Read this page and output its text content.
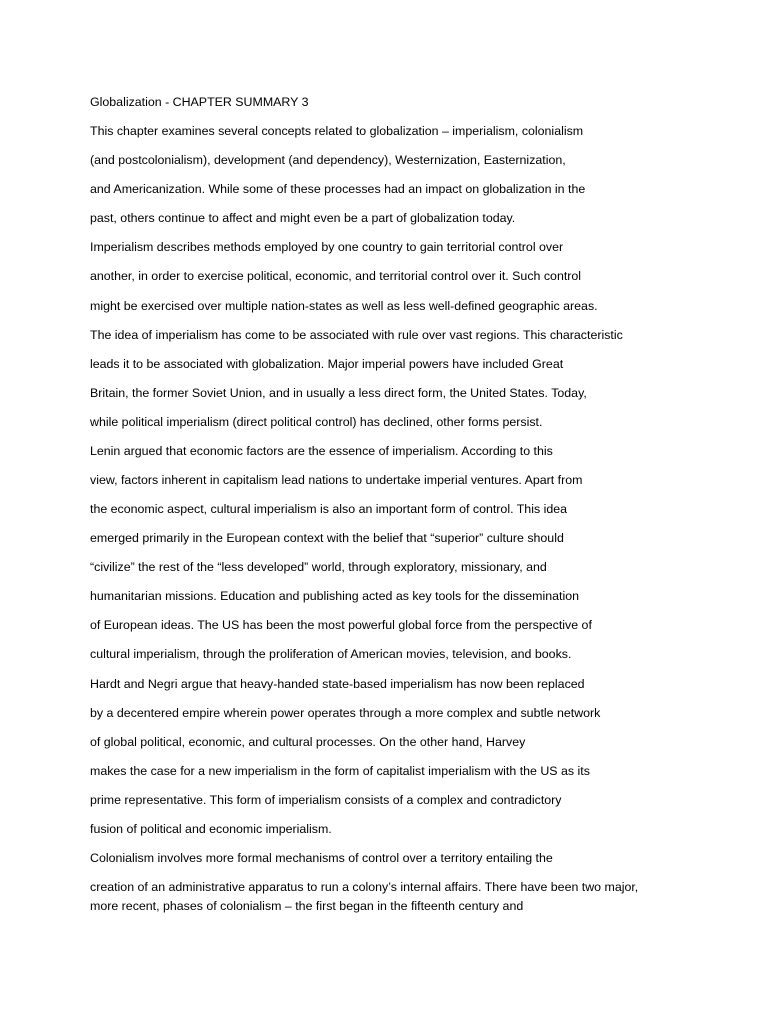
Globalization - CHAPTER SUMMARY 3

This chapter examines several concepts related to globalization – imperialism, colonialism

(and postcolonialism), development (and dependency), Westernization, Easternization,

and Americanization. While some of these processes had an impact on globalization in the

past, others continue to affect and might even be a part of globalization today.

Imperialism describes methods employed by one country to gain territorial control over

another, in order to exercise political, economic, and territorial control over it. Such control

might be exercised over multiple nation-states as well as less well-defined geographic areas.

The idea of imperialism has come to be associated with rule over vast regions. This characteristic

leads it to be associated with globalization. Major imperial powers have included Great

Britain, the former Soviet Union, and in usually a less direct form, the United States. Today,

while political imperialism (direct political control) has declined, other forms persist.

Lenin argued that economic factors are the essence of imperialism. According to this

view, factors inherent in capitalism lead nations to undertake imperial ventures. Apart from

the economic aspect, cultural imperialism is also an important form of control. This idea

emerged primarily in the European context with the belief that “superior” culture should

“civilize” the rest of the “less developed” world, through exploratory, missionary, and

humanitarian missions. Education and publishing acted as key tools for the dissemination

of European ideas. The US has been the most powerful global force from the perspective of

cultural imperialism, through the proliferation of American movies, television, and books.

Hardt and Negri argue that heavy-handed state-based imperialism has now been replaced

by a decentered empire wherein power operates through a more complex and subtle network

of global political, economic, and cultural processes. On the other hand, Harvey

makes the case for a new imperialism in the form of capitalist imperialism with the US as its

prime representative. This form of imperialism consists of a complex and contradictory

fusion of political and economic imperialism.

Colonialism involves more formal mechanisms of control over a territory entailing the

creation of an administrative apparatus to run a colony’s internal affairs. There have been two major,

more recent, phases of colonialism – the first began in the fifteenth century and
